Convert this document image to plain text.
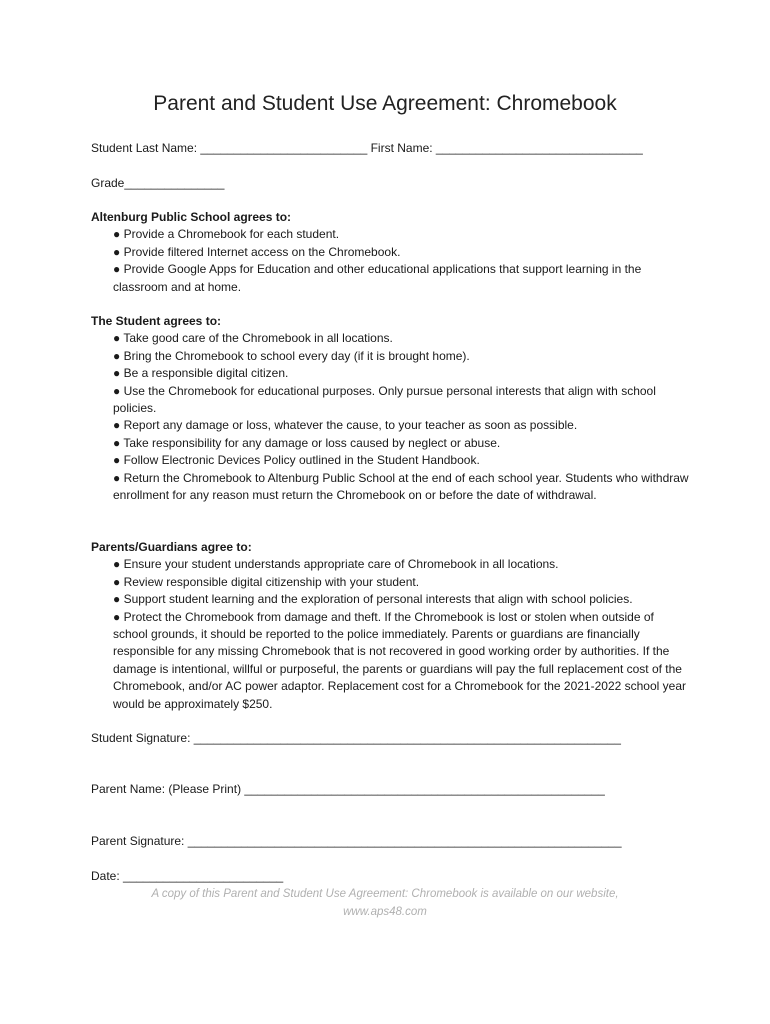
Parent and Student Use Agreement: Chromebook
Student Last Name: _________________________ First Name: _______________________________
Grade_______________
Altenburg Public School agrees to:
● Provide a Chromebook for each student.
● Provide filtered Internet access on the Chromebook.
● Provide Google Apps for Education and other educational applications that support learning in the classroom and at home.
The Student agrees to:
● Take good care of the Chromebook in all locations.
● Bring the Chromebook to school every day (if it is brought home).
● Be a responsible digital citizen.
● Use the Chromebook for educational purposes. Only pursue personal interests that align with school policies.
● Report any damage or loss, whatever the cause, to your teacher as soon as possible.
● Take responsibility for any damage or loss caused by neglect or abuse.
● Follow Electronic Devices Policy outlined in the Student Handbook.
● Return the Chromebook to Altenburg Public School at the end of each school year. Students who withdraw enrollment for any reason must return the Chromebook on or before the date of withdrawal.
Parents/Guardians agree to:
● Ensure your student understands appropriate care of Chromebook in all locations.
● Review responsible digital citizenship with your student.
● Support student learning and the exploration of personal interests that align with school policies.
● Protect the Chromebook from damage and theft. If the Chromebook is lost or stolen when outside of school grounds, it should be reported to the police immediately. Parents or guardians are financially responsible for any missing Chromebook that is not recovered in good working order by authorities. If the damage is intentional, willful or purposeful, the parents or guardians will pay the full replacement cost of the Chromebook, and/or AC power adaptor. Replacement cost for a Chromebook for the 2021-2022 school year would be approximately $250.
Student Signature: ________________________________________________________________
Parent Name: (Please Print) ______________________________________________________
Parent Signature: _________________________________________________________________
Date: ________________________
A copy of this Parent and Student Use Agreement: Chromebook is available on our website,
www.aps48.com
